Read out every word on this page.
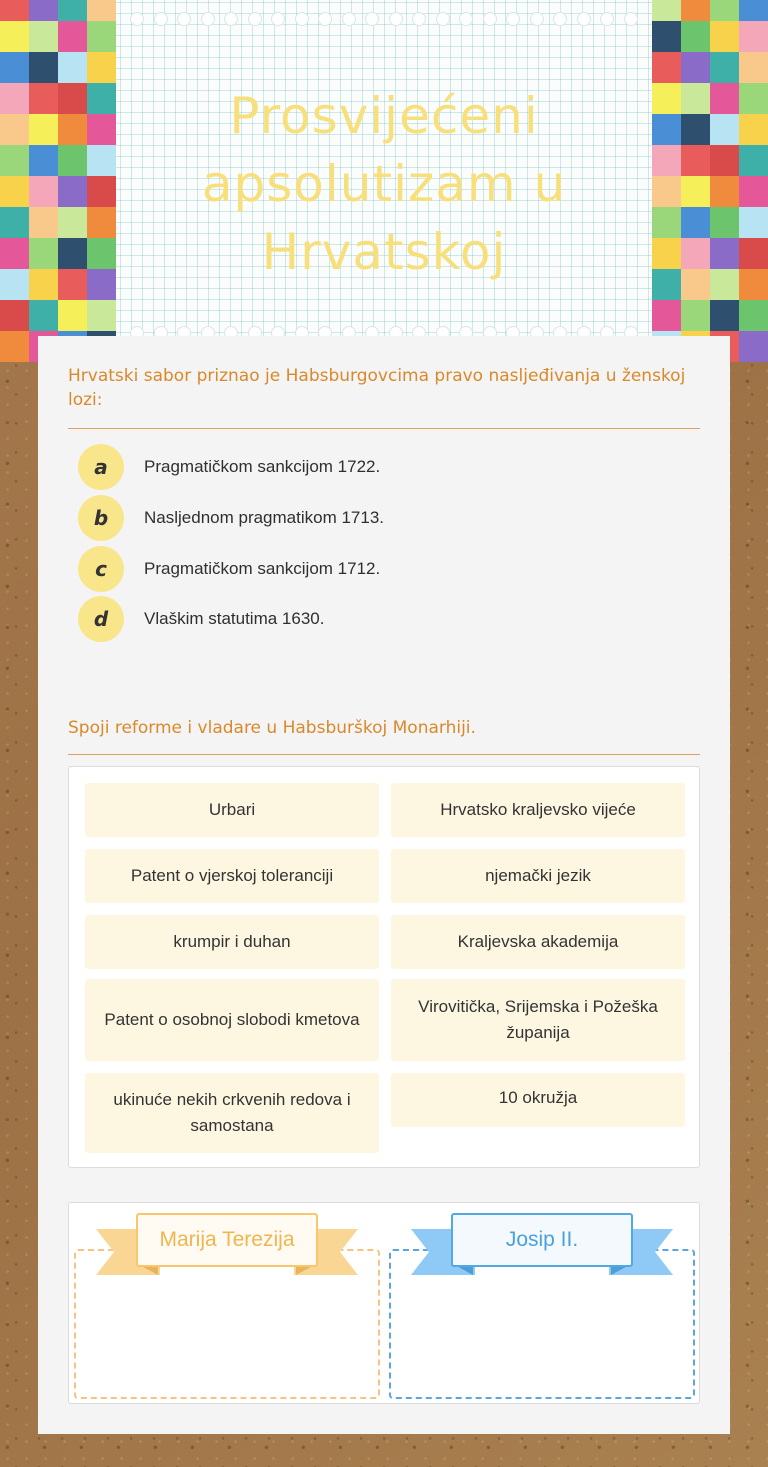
Prosvijećeni apsolutizam u Hrvatskoj
Hrvatski sabor priznao je Habsburgovcima pravo nasljeđivanja u ženskoj lozi:
a	Pragmatičkom sankcijom 1722.
b	Nasljednom pragmatikom 1713.
c	Pragmatičkom sankcijom 1712.
d	Vlaškim statutima 1630.
Spoji reforme i vladare u Habsburškoj Monarhiji.
Urbari	Hrvatsko kraljevsko vijeće
Patent o vjerskoj toleranciji	njemački jezik
krumpir i duhan	Kraljevska akademija
Patent o osobnoj slobodi kmetova
Virovitička, Srijemska i Požeška županija
ukinuće nekih crkvenih redova i samostana
10 okružja
Marija Terezija	Josip II.
